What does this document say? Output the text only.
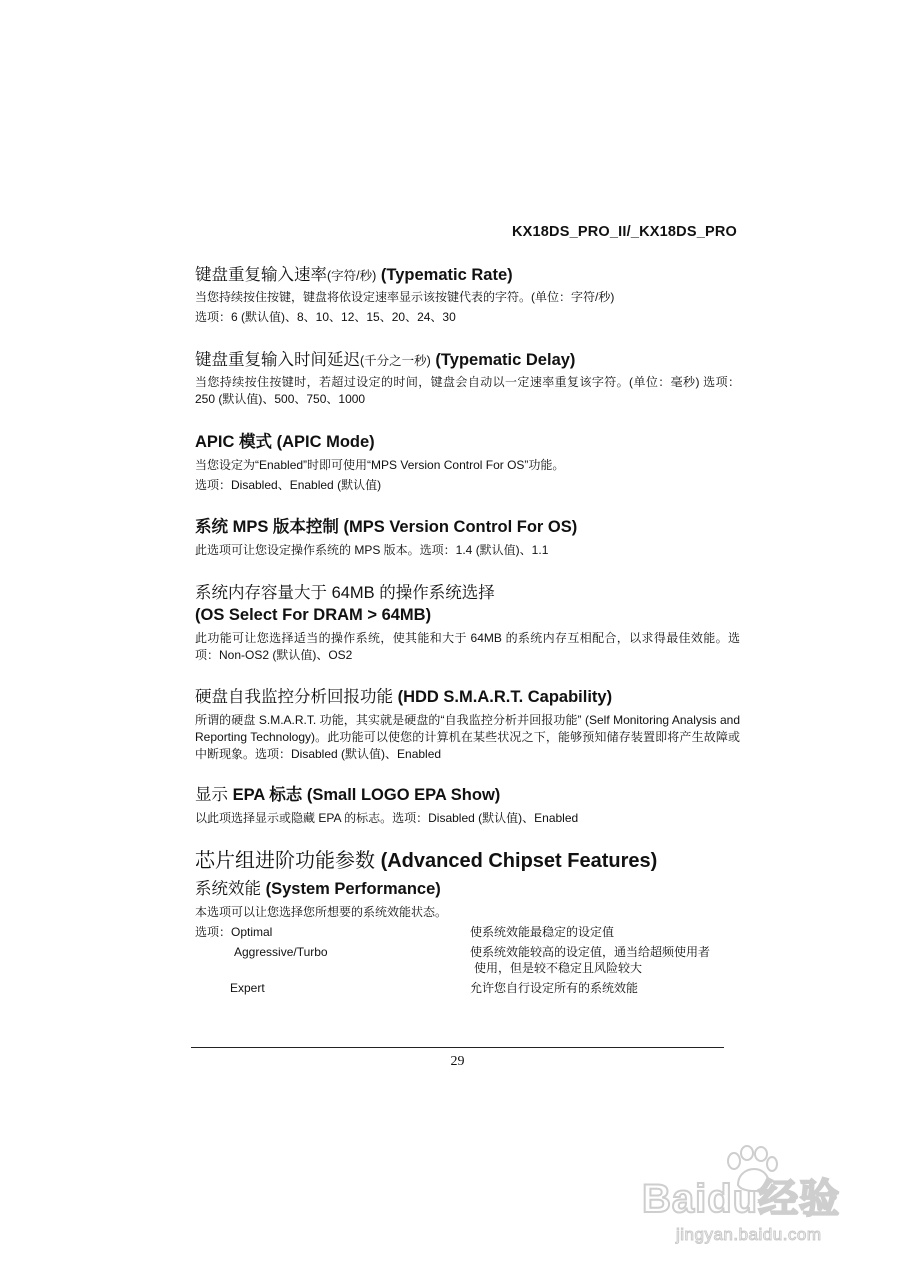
KX18DS_PRO_II/_KX18DS_PRO

键盘重复输入速率(字符/秒) (Typematic Rate)

当您持续按住按键，键盘将依设定速率显示该按键代表的字符。(单位：字符/秒)

选项：6 (默认值)、8、10、12、15、20、24、30

键盘重复输入时间延迟(千分之一秒) (Typematic Delay)

当您持续按住按键时，若超过设定的时间，键盘会自动以一定速率重复该字符。(单位：毫秒) 选项：250 (默认值)、500、750、1000

APIC 模式 (APIC Mode)

当您设定为“Enabled”时即可使用“MPS Version Control For OS”功能。

选项：Disabled、Enabled (默认值)

系统 MPS 版本控制 (MPS Version Control For OS)

此选项可让您设定操作系统的 MPS 版本。选项：1.4 (默认值)、1.1

系统内存容量大于 64MB 的操作系统选择

(OS Select For DRAM > 64MB)

此功能可让您选择适当的操作系统，使其能和大于 64MB 的系统内存互相配合，以求得最佳效能。选项：Non-OS2 (默认值)、OS2

硬盘自我监控分析回报功能 (HDD S.M.A.R.T. Capability)

所谓的硬盘 S.M.A.R.T. 功能，其实就是硬盘的“自我监控分析并回报功能” (Self Monitoring Analysis and Reporting Technology)。此功能可以使您的计算机在某些状况之下，能够预知储存装置即将产生故障或中断现象。选项：Disabled (默认值)、Enabled

显示 EPA 标志 (Small LOGO EPA Show)

以此项选择显示或隐藏 EPA 的标志。选项：Disabled (默认值)、Enabled

芯片组进阶功能参数 (Advanced Chipset Features)

系统效能 (System Performance)

本选项可以让您选择您所想要的系统效能状态。

选项：Optimal	使系统效能最稳定的设定值
Aggressive/Turbo	使系统效能较高的设定值，通当给超频使用者
使用，但是较不稳定且风险较大
Expert	允许您自行设定所有的系统效能
29
Baidu经验
jingyan.baidu.com
